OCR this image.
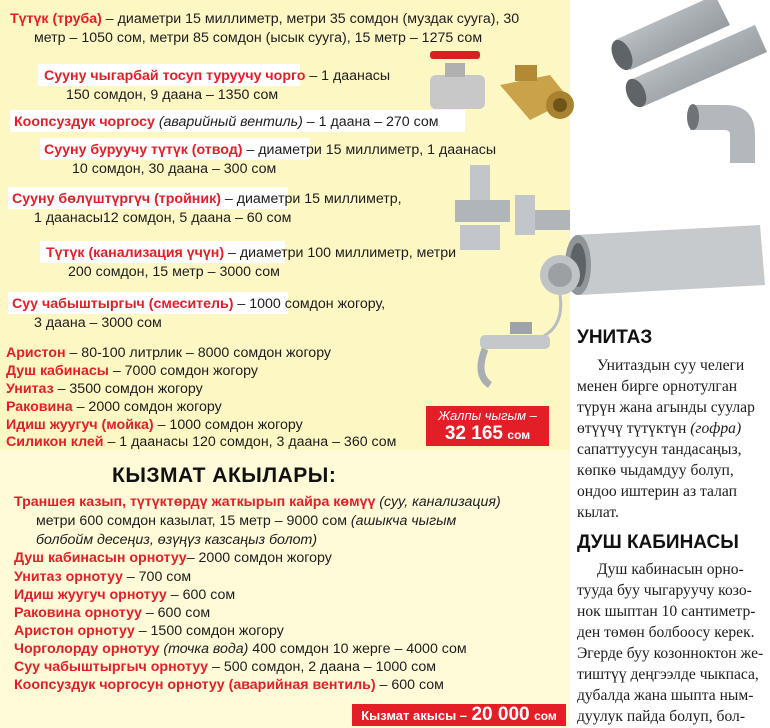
Түтүк (труба) – диаметри 15 миллиметр, метри 35 сомдон (муздак сууга), 30
метр – 1050 сом, метри 85 сомдон (ысык сууга), 15 метр – 1275 сом
Сууну чыгарбай тосуп туруучу чорго – 1 даанасы
150 сомдон, 9 даана – 1350 сом
Коопсуздук чоргосу (аварийный вентиль) – 1 даана – 270 сом
Сууну буруучу түтүк (отвод) – диаметри 15 миллиметр, 1 даанасы
10 сомдон, 30 даана – 300 сом
Сууну бөлүштүргүч (тройник) – диаметри 15 миллиметр,
1 даанасы12 сомдон, 5 даана – 60 сом
Түтүк (канализация үчүн) – диаметри 100 миллиметр, метри
200 сомдон, 15 метр – 3000 сом
Суу чабыштыргыч (смеситель) – 1000 сомдон жогору,
3 даана – 3000 сом
Аристон – 80-100 литрлик – 8000 сомдон жогору
Душ кабинасы – 7000 сомдон жогору
Унитаз – 3500 сомдон жогору
Раковина – 2000 сомдон жогору
Идиш жуугуч (мойка) – 1000 сомдон жогору
Силикон клей – 1 даанасы 120 сомдон, 3 даана – 360 сом
Жалпы чыгым –
32 165 сом
КЫЗМАТ АКЫЛАРЫ:
Траншея казып, түтүктөрдү жаткырып кайра көмүү (суу, канализация)
метри 600 сомдон казылат, 15 метр – 9000 сом (ашыкча чыгым
болбойм десеңиз, өзүңүз казсаңыз болот)
Душ кабинасын орнотуу– 2000 сомдон жогору
Унитаз орнотуу – 700 сом
Идиш жуугуч орнотуу – 600 сом
Раковина орнотуу – 600 сом
Аристон орнотуу – 1500 сомдон жогору
Чорголорду орнотуу (точка вода) 400 сомдон 10 жерге – 4000 сом
Суу чабыштыргыч орнотуу – 500 сомдон, 2 даана – 1000 сом
Коопсуздук чоргосун орнотуу (аварийная вентиль) – 600 сом
Кызмат акысы – 20 000 сом
УНИТАЗ
Унитаздын суу челеги
менен бирге орнотулган
түрүн жана агынды суулар
өтүүчү түтүктүн (гофра)
сапаттуусун тандасаңыз,
көпкө чыдамдуу болуп,
ондоо иштерин аз талап
кылат.
ДУШ КАБИНАСЫ
Душ кабинасын орно-
тууда буу чыгаруучу козо-
нок шыптан 10 сантиметр-
ден төмөн болбоосу керек.
Эгерде буу козонноктон же-
тиштүү деңгээлде чыкпаса,
дубалда жана шыпта ным-
дуулук пайда болуп, бол-
